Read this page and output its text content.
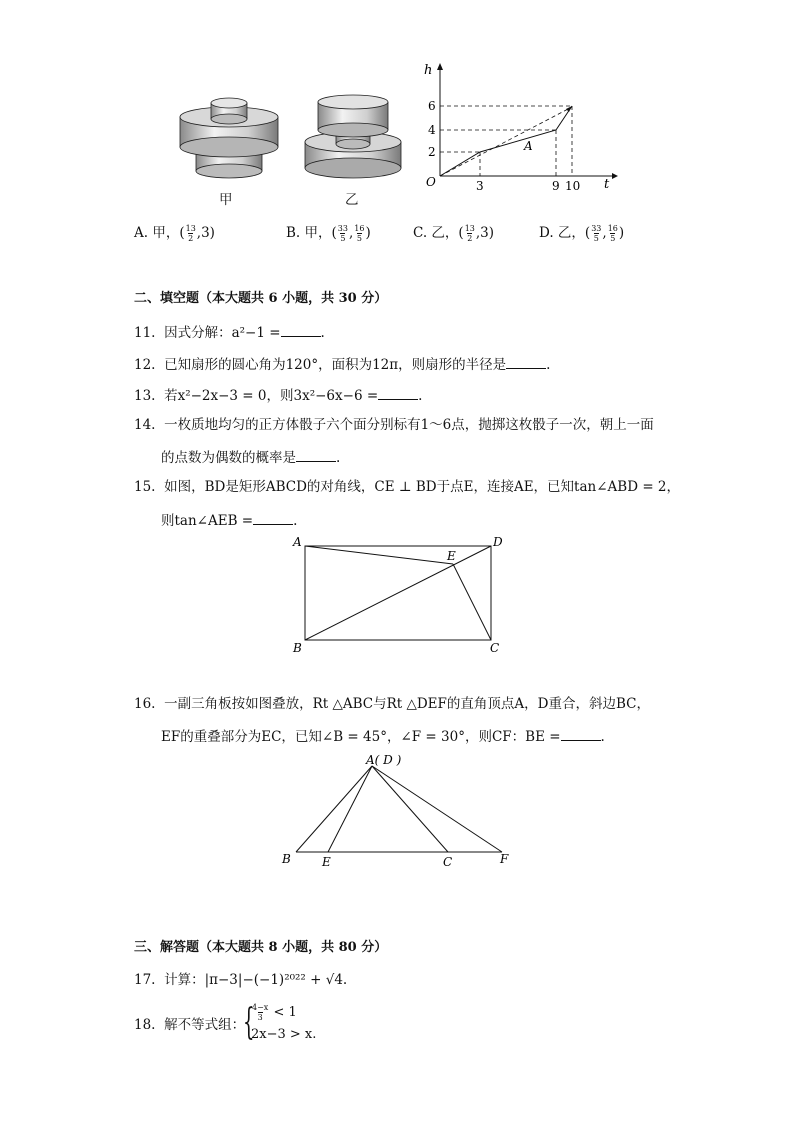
甲	乙
h
t
O
6
4
2
3	9 10
A
A. 甲，( $\frac{13}{2} ,3$)	B. 甲，( $\frac{33}{5}$ , $\frac{16}{5}$ )	C. 乙，( $\frac{13}{2} ,3$)	D. 乙，( $\frac{33}{5}$ , $\frac{16}{5}$ )
二、填空题（本大题共 6 小题，共 30 分）
11. 因式分解：a²−1 =	.
12. 已知扇形的圆心角为120°，面积为12π，则扇形的半径是	.
13. 若x²−2x−3 = 0，则3x²−6x−6 =	.
14. 一枚质地均匀的正方体骰子六个面分别标有1～6点，抛掷这枚骰子一次，朝上一面
的点数为偶数的概率是	.
15. 如图，BD是矩形ABCD的对角线，CE ⊥ BD于点E，连接AE，已知tan∠ABD = 2，
则tan∠AEB =	.
A	D
E
B	C
16. 一副三角板按如图叠放，Rt △ABC与Rt △DEF的直角顶点A，D重合，斜边BC，
EF的重叠部分为EC，已知∠B = 45°，∠F = 30°，则CF：BE =	.
A( D )
B	E	C	F
三、解答题（本大题共 8 小题，共 80 分）
17. 计算：|π−3|−(−1)²⁰²² + √4.
18. 解不等式组：
{
$\frac{4-x}{3} < 1$
2x−3 > x.
